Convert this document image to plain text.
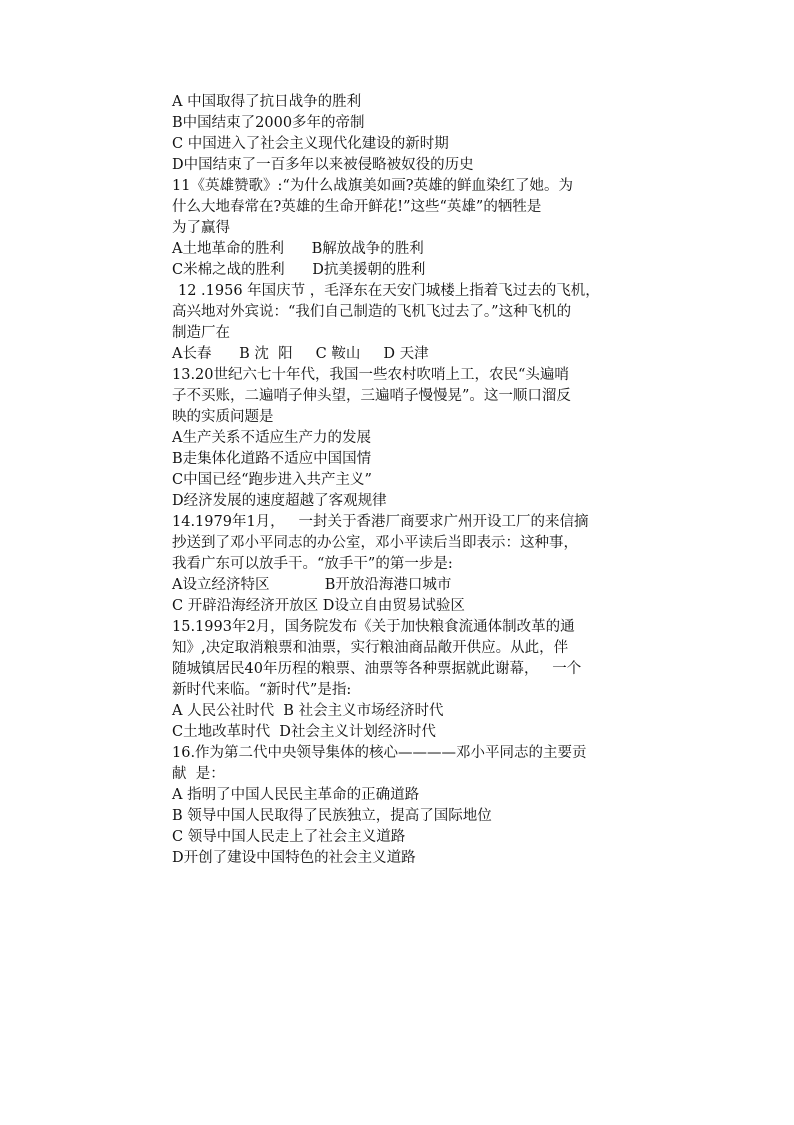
A 中国取得了抗日战争的胜利
B中国结束了2000多年的帝制
C 中国进入了社会主义现代化建设的新时期
D中国结束了一百多年以来被侵略被奴役的历史
11《英雄赞歌》:“为什么战旗美如画?英雄的鲜血染红了她。为
什么大地春常在?英雄的生命开鲜花!”这些“英雄”的牺牲是
为了赢得
A土地革命的胜利      B解放战争的胜利
C米棉之战的胜利      D抗美援朝的胜利
12 .1956 年国庆节 ，毛泽东在天安门城楼上指着飞过去的飞机，
高兴地对外宾说：“我们自己制造的飞机飞过去了。”这种飞机的
制造厂在
A长春      B 沈  阳     C 鞍山     D 天津
13.20世纪六七十年代，我国一些农村吹哨上工，农民“头遍哨
子不买账，二遍哨子伸头望，三遍哨子慢慢晃”。这一顺口溜反
映的实质问题是
A生产关系不适应生产力的发展
B走集体化道路不适应中国国情
C中国已经“跑步进入共产主义”
D经济发展的速度超越了客观规律
14.1979年1月，   一封关于香港厂商要求广州开设工厂的来信摘
抄送到了邓小平同志的办公室，邓小平读后当即表示：这种事，
我看广东可以放手干。“放手干”的第一步是:
A设立经济特区            B开放沿海港口城市
C 开辟沿海经济开放区 D设立自由贸易试验区
15.1993年2月，国务院发布《关于加快粮食流通体制改革的通
知》,决定取消粮票和油票，实行粮油商品敞开供应。从此，伴
随城镇居民40年历程的粮票、油票等各种票据就此谢幕，   一个
新时代来临。“新时代”是指:
A 人民公社时代  B 社会主义市场经济时代
C土地改革时代  D社会主义计划经济时代
16.作为第二代中央领导集体的核心————邓小平同志的主要贡
献  是：
A 指明了中国人民民主革命的正确道路
B 领导中国人民取得了民族独立，提高了国际地位
C 领导中国人民走上了社会主义道路
D开创了建设中国特色的社会主义道路
